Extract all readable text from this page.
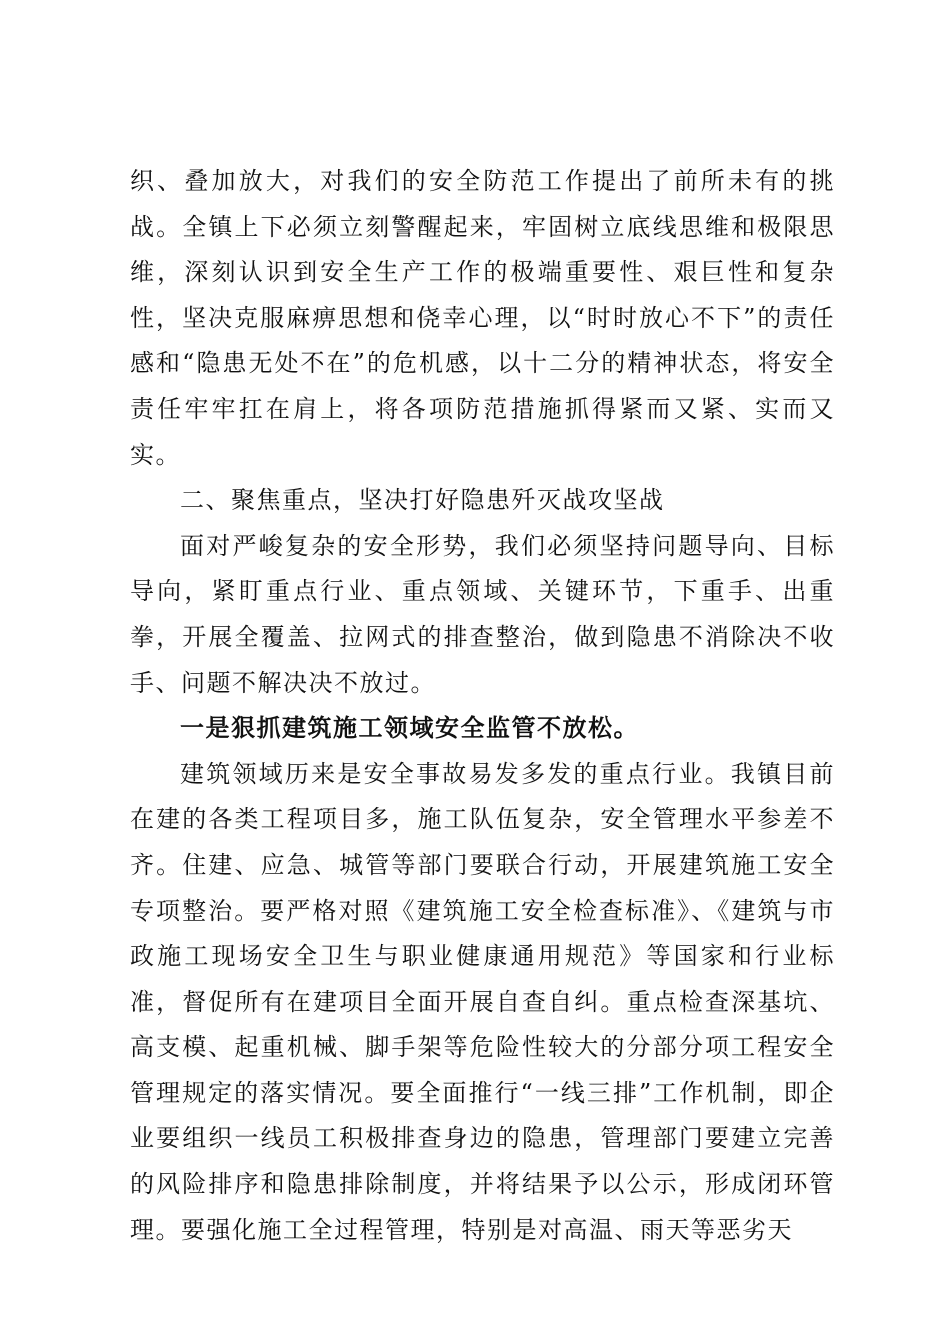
织、叠加放大，对我们的安全防范工作提出了前所未有的挑战。全镇上下必须立刻警醒起来，牢固树立底线思维和极限思维，深刻认识到安全生产工作的极端重要性、艰巨性和复杂性，坚决克服麻痹思想和侥幸心理，以“时时放心不下”的责任感和“隐患无处不在”的危机感，以十二分的精神状态，将安全责任牢牢扛在肩上，将各项防范措施抓得紧而又紧、实而又实。

二、聚焦重点，坚决打好隐患歼灭战攻坚战

面对严峻复杂的安全形势，我们必须坚持问题导向、目标导向，紧盯重点行业、重点领域、关键环节，下重手、出重拳，开展全覆盖、拉网式的排查整治，做到隐患不消除决不收手、问题不解决决不放过。

一是狠抓建筑施工领域安全监管不放松。

建筑领域历来是安全事故易发多发的重点行业。我镇目前在建的各类工程项目多，施工队伍复杂，安全管理水平参差不齐。住建、应急、城管等部门要联合行动，开展建筑施工安全专项整治。要严格对照《建筑施工安全检查标准》、《建筑与市政施工现场安全卫生与职业健康通用规范》等国家和行业标准，督促所有在建项目全面开展自查自纠。重点检查深基坑、高支模、起重机械、脚手架等危险性较大的分部分项工程安全管理规定的落实情况。要全面推行“一线三排”工作机制，即企业要组织一线员工积极排查身边的隐患，管理部门要建立完善的风险排序和隐患排除制度，并将结果予以公示，形成闭环管理。要强化施工全过程管理，特别是对高温、雨天等恶劣天
